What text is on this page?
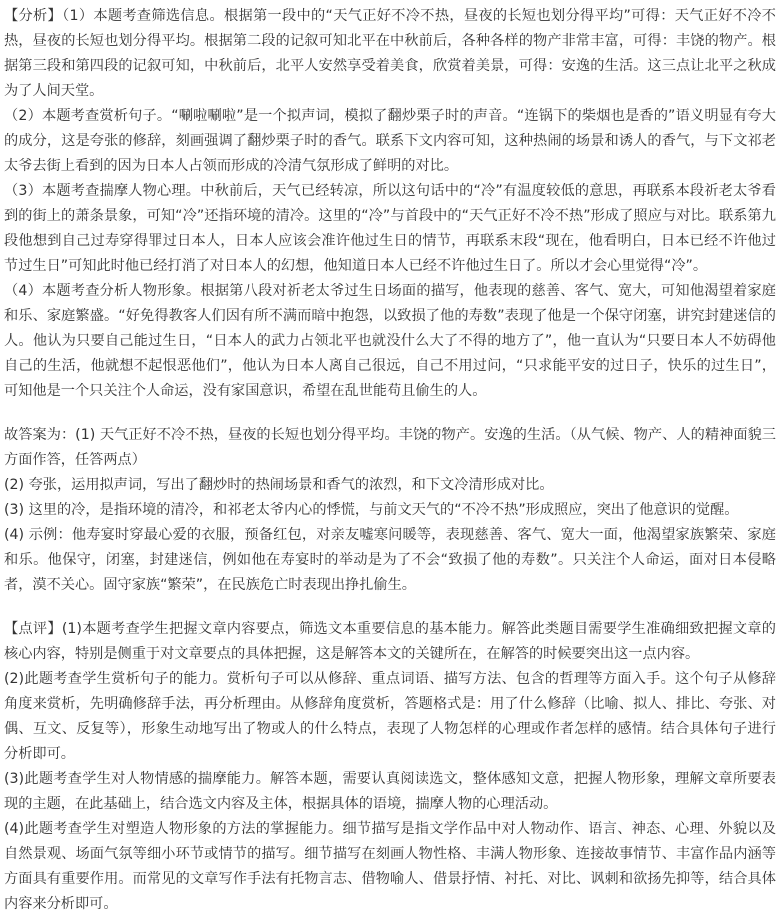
【分析】（1）本题考查筛选信息。根据第一段中的“天气正好不冷不热，昼夜的长短也划分得平均”可得：天气正好不冷不热，昼夜的长短也划分得平均。根据第二段的记叙可知北平在中秋前后，各种各样的物产非常丰富，可得：丰饶的物产。根据第三段和第四段的记叙可知，中秋前后，北平人安然享受着美食，欣赏着美景，可得：安逸的生活。这三点让北平之秋成为了人间天堂。

（2）本题考查赏析句子。“唰啦唰啦”是一个拟声词，模拟了翻炒栗子时的声音。“连锅下的柴烟也是香的”语义明显有夸大的成分，这是夸张的修辞，刻画强调了翻炒栗子时的香气。联系下文内容可知，这种热闹的场景和诱人的香气，与下文祁老太爷去街上看到的因为日本人占领而形成的冷清气氛形成了鲜明的对比。

（3）本题考查揣摩人物心理。中秋前后，天气已经转凉，所以这句话中的“冷”有温度较低的意思，再联系本段祈老太爷看到的街上的萧条景象，可知“冷”还指环境的清冷。这里的“冷”与首段中的“天气正好不冷不热”形成了照应与对比。联系第九段他想到自己过寿穿得罪过日本人，日本人应该会准许他过生日的情节，再联系末段“现在，他看明白，日本已经不许他过节过生日”可知此时他已经打消了对日本人的幻想，他知道日本人已经不许他过生日了。所以才会心里觉得“冷”。

（4）本题考查分析人物形象。根据第八段对祈老太爷过生日场面的描写，他表现的慈善、客气、宽大，可知他渴望着家庭和乐、家庭繁盛。“好免得教客人们因有所不满而暗中抱怨，以致损了他的寿数”表现了他是一个保守闭塞，讲究封建迷信的人。他认为只要自己能过生日，“日本人的武力占领北平也就没什么大了不得的地方了”，他一直认为“只要日本人不妨碍他自己的生活，他就想不起恨恶他们”，他认为日本人离自己很远，自己不用过问，“只求能平安的过日子，快乐的过生日”，可知他是一个只关注个人命运，没有家国意识，希望在乱世能苟且偷生的人。

故答案为：(1) 天气正好不冷不热，昼夜的长短也划分得平均。丰饶的物产。安逸的生活。（从气候、物产、人的精神面貌三方面作答，任答两点）

(2) 夸张，运用拟声词，写出了翻炒时的热闹场景和香气的浓烈，和下文冷清形成对比。

(3) 这里的冷，是指环境的清冷，和祁老太爷内心的悸慌，与前文天气的“不冷不热”形成照应，突出了他意识的觉醒。

(4) 示例：他寿宴时穿最心爱的衣服，预备红包，对亲友嘘寒问暖等，表现慈善、客气、宽大一面，他渴望家族繁荣、家庭和乐。他保守，闭塞，封建迷信，例如他在寿宴时的举动是为了不会“致损了他的寿数”。只关注个人命运，面对日本侵略者，漠不关心。固守家族“繁荣”，在民族危亡时表现出挣扎偷生。

【点评】(1)本题考查学生把握文章内容要点，筛选文本重要信息的基本能力。解答此类题目需要学生准确细致把握文章的核心内容，特别是侧重于对文章要点的具体把握，这是解答本文的关键所在，在解答的时候要突出这一点内容。

(2)此题考查学生赏析句子的能力。赏析句子可以从修辞、重点词语、描写方法、包含的哲理等方面入手。这个句子从修辞角度来赏析，先明确修辞手法，再分析理由。从修辞角度赏析，答题格式是：用了什么修辞（比喻、拟人、排比、夸张、对偶、互文、反复等），形象生动地写出了物或人的什么特点，表现了人物怎样的心理或作者怎样的感情。结合具体句子进行分析即可。

(3)此题考查学生对人物情感的揣摩能力。解答本题，需要认真阅读选文，整体感知文意，把握人物形象，理解文章所要表现的主题，在此基础上，结合选文内容及主体，根据具体的语境，揣摩人物的心理活动。

(4)此题考查学生对塑造人物形象的方法的掌握能力。细节描写是指文学作品中对人物动作、语言、神态、心理、外貌以及自然景观、场面气氛等细小环节或情节的描写。细节描写在刻画人物性格、丰满人物形象、连接故事情节、丰富作品内涵等方面具有重要作用。而常见的文章写作手法有托物言志、借物喻人、借景抒情、衬托、对比、讽刺和欲扬先抑等，结合具体内容来分析即可。
